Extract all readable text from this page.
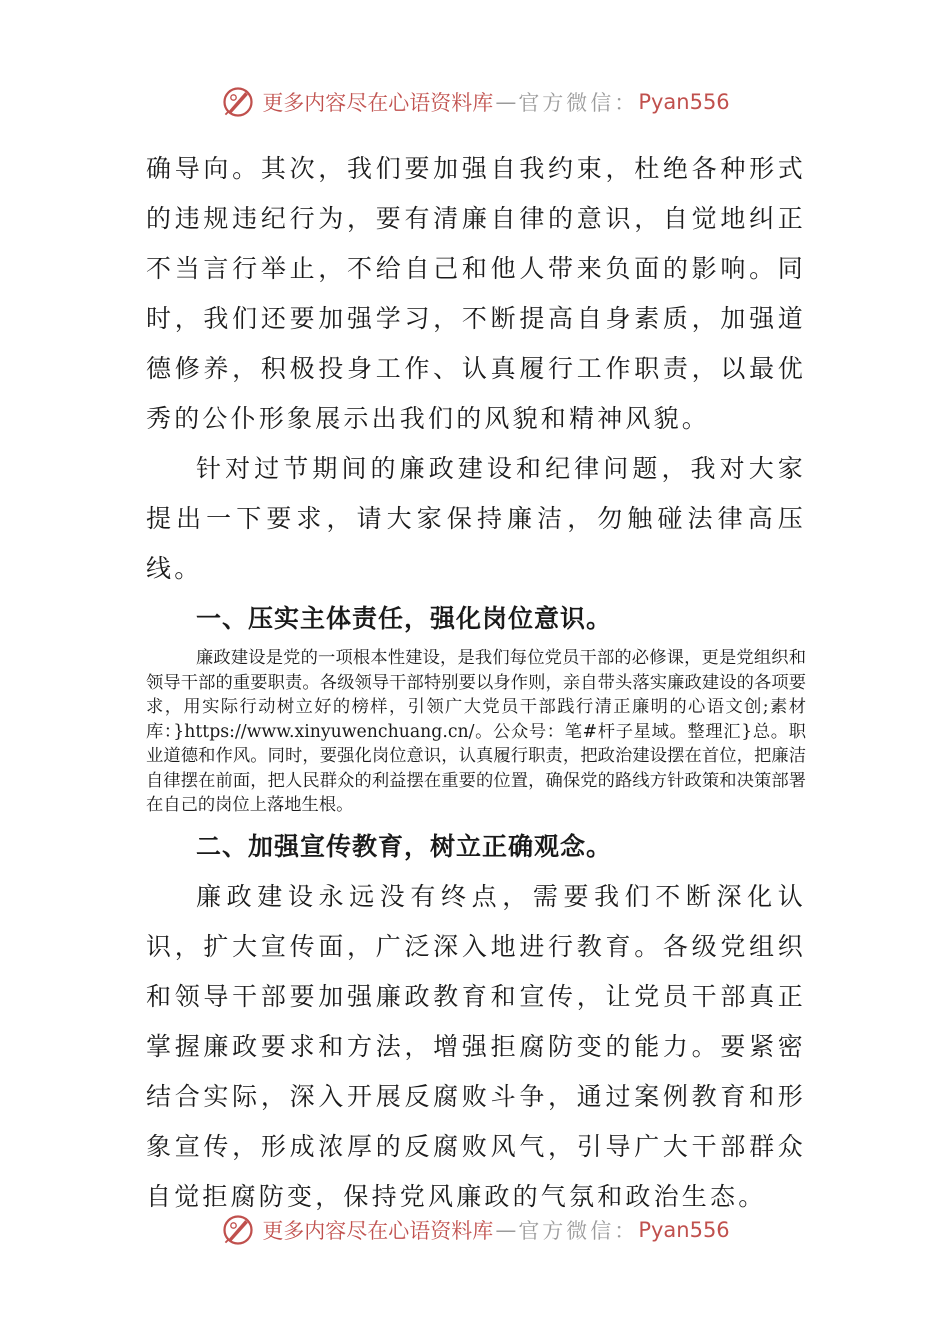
更多内容尽在心语资料库 — 官方微信： Pyan556

确导向。其次，我们要加强自我约束，杜绝各种形式的违规违纪行为，要有清廉自律的意识，自觉地纠正不当言行举止，不给自己和他人带来负面的影响。同时，我们还要加强学习，不断提高自身素质，加强道德修养，积极投身工作、认真履行工作职责，以最优秀的公仆形象展示出我们的风貌和精神风貌。

针对过节期间的廉政建设和纪律问题，我对大家提出一下要求，请大家保持廉洁，勿触碰法律高压线。

一、压实主体责任，强化岗位意识。

廉政建设是党的一项根本性建设，是我们每位党员干部的必修课，更是党组织和领导干部的重要职责。各级领导干部特别要以身作则，亲自带头落实廉政建设的各项要求，用实际行动树立好的榜样，引领广大党员干部践行清正廉明的心语文创;素材库：}https://www.xinyuwenchuang.cn/。公众号：笔#杆子星域。整理汇}总。职业道德和作风。同时，要强化岗位意识，认真履行职责，把政治建设摆在首位，把廉洁自律摆在前面，把人民群众的利益摆在重要的位置，确保党的路线方针政策和决策部署在自己的岗位上落地生根。

二、加强宣传教育，树立正确观念。

廉政建设永远没有终点，需要我们不断深化认识，扩大宣传面，广泛深入地进行教育。各级党组织和领导干部要加强廉政教育和宣传，让党员干部真正掌握廉政要求和方法，增强拒腐防变的能力。要紧密结合实际，深入开展反腐败斗争，通过案例教育和形象宣传，形成浓厚的反腐败风气，引导广大干部群众自觉拒腐防变，保持党风廉政的气氛和政治生态。

更多内容尽在心语资料库 — 官方微信： Pyan556
